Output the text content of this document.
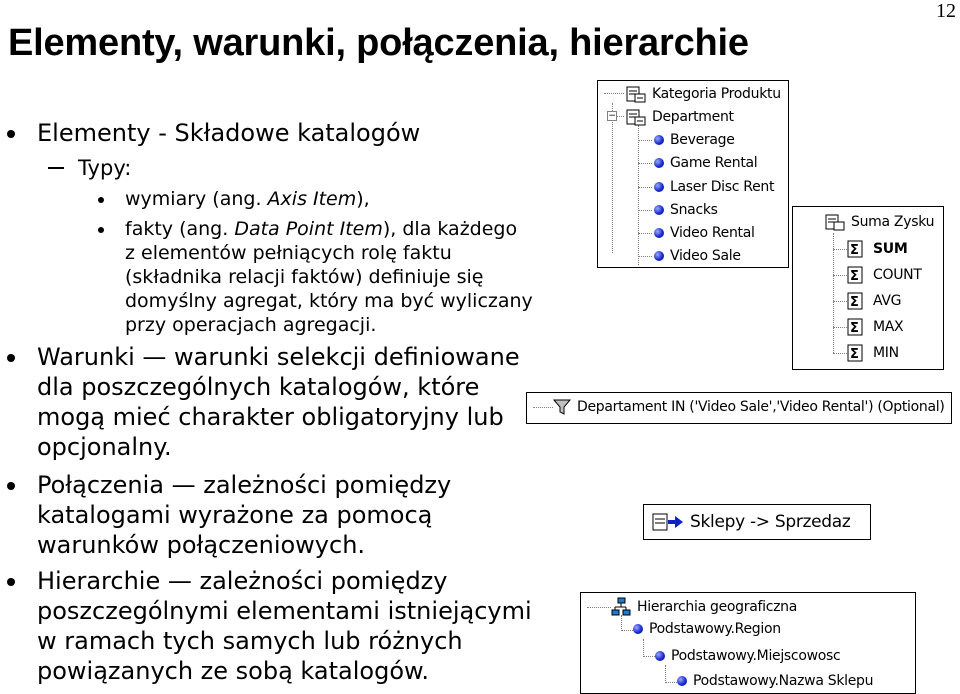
12
Elementy, warunki, połączenia, hierarchie
Elementy - Składowe katalogów
Typy:
wymiary (ang. Axis Item),
fakty (ang. Data Point Item), dla każdego
z elementów pełniących rolę faktu
(składnika relacji faktów) definiuje się
domyślny agregat, który ma być wyliczany
przy operacjach agregacji.
Warunki — warunki selekcji definiowane
dla poszczególnych katalogów, które
mogą mieć charakter obligatoryjny lub
opcjonalny.
Połączenia — zależności pomiędzy
katalogami wyrażone za pomocą
warunków połączeniowych.
Hierarchie — zależności pomiędzy
poszczególnymi elementami istniejącymi
w ramach tych samych lub różnych
powiązanych ze sobą katalogów.
−
Kategoria Produktu
Department
Beverage
Game Rental
Laser Disc Rent
Snacks
Video Rental
Video Sale
Suma Zysku
Σ SUM
Σ COUNT
Σ AVG
Σ MAX
Σ MIN
Departament IN ('Video Sale','Video Rental') (Optional)
Sklepy -> Sprzedaz
Hierarchia geograficzna
Podstawowy.Region
Podstawowy.Miejscowosc
Podstawowy.Nazwa Sklepu
